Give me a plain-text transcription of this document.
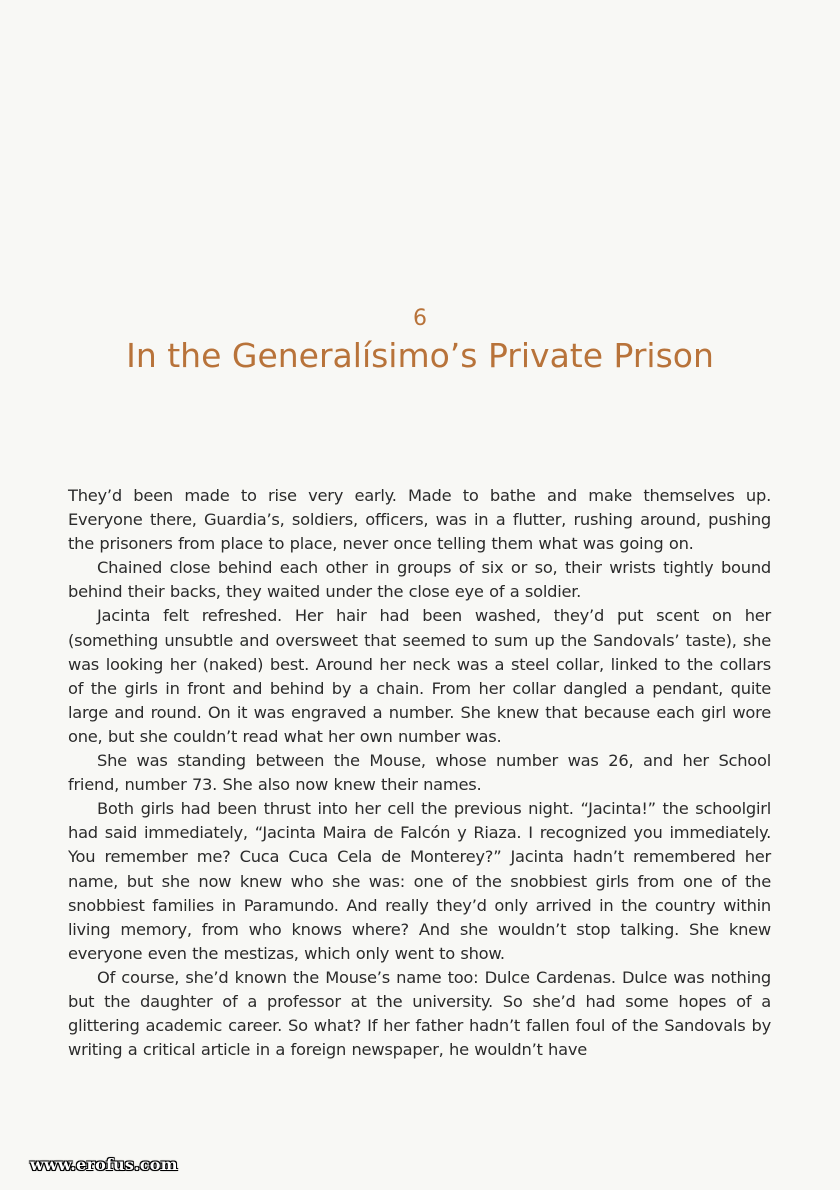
6
In the Generalísimo’s Private Prison

They’d been made to rise very early. Made to bathe and make themselves up. Everyone there, Guardia’s, soldiers, officers, was in a flutter, rushing around, pushing the prisoners from place to place, never once telling them what was going on.

Chained close behind each other in groups of six or so, their wrists tightly bound behind their backs, they waited under the close eye of a soldier.

Jacinta felt refreshed. Her hair had been washed, they’d put scent on her (something unsubtle and oversweet that seemed to sum up the Sandovals’ taste), she was looking her (naked) best. Around her neck was a steel collar, linked to the collars of the girls in front and behind by a chain. From her collar dangled a pendant, quite large and round. On it was engraved a number. She knew that because each girl wore one, but she couldn’t read what her own number was.

She was standing between the Mouse, whose number was 26, and her School friend, number 73. She also now knew their names.

Both girls had been thrust into her cell the previous night. “Jacinta!” the schoolgirl had said immediately, “Jacinta Maira de Falcón y Riaza. I recognized you immediately. You remember me? Cuca Cuca Cela de Monterey?” Jacinta hadn’t remembered her name, but she now knew who she was: one of the snobbiest girls from one of the snobbiest families in Paramundo. And really they’d only arrived in the country within living memory, from who knows where? And she wouldn’t stop talking. She knew everyone even the mestizas, which only went to show.

Of course, she’d known the Mouse’s name too: Dulce Cardenas. Dulce was nothing but the daughter of a professor at the university. So she’d had some hopes of a glittering academic career. So what? If her father hadn’t fallen foul of the Sandovals by writing a critical article in a foreign newspaper, he wouldn’t have

www.erofus.com
